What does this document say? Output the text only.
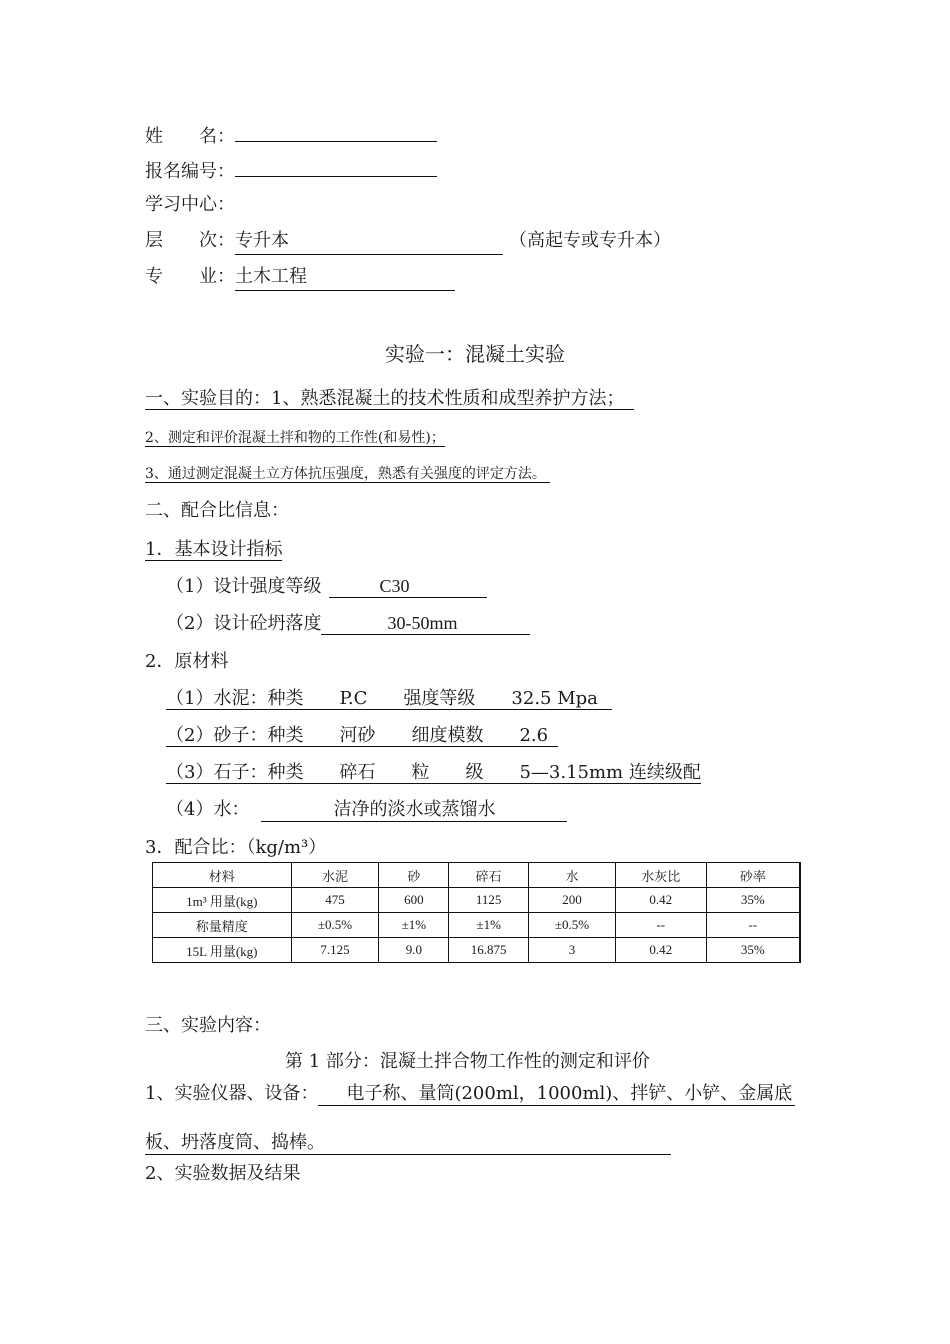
姓　　名：
报名编号：
学习中心：
层　　次：专升本	（高起专或专升本）
专　　业：土木工程
实验一：混凝土实验
一、实验目的：1、熟悉混凝土的技术性质和成型养护方法；
2、测定和评价混凝土拌和物的工作性(和易性)；
3、通过测定混凝土立方体抗压强度，熟悉有关强度的评定方法。
二、配合比信息：
1．基本设计指标
（1）设计强度等级	C30
（2）设计砼坍落度	30-50mm
2．原材料
（1）水泥：种类　　P.C　　强度等级　　32.5 Mpa
（2）砂子：种类　　河砂　　细度模数　　2.6
（3）石子：种类　　碎石　　粒　　级　　5—3.15mm 连续级配
（4）水：	洁净的淡水或蒸馏水
3．配合比：（kg/m³）
材料	水泥	砂	碎石	水	水灰比	砂率
1m³ 用量(kg)	475	600	1125	200	0.42	35%
称量精度	±0.5%	±1%	±1%	±0.5%	--	--
15L 用量(kg)	7.125	9.0	16.875	3	0.42	35%
三、实验内容：
第 1 部分：混凝土拌合物工作性的测定和评价
1、实验仪器、设备： 电子称、量筒(200ml，1000ml)、拌铲、小铲、金属底
板、坍落度筒、捣棒。
2、实验数据及结果
